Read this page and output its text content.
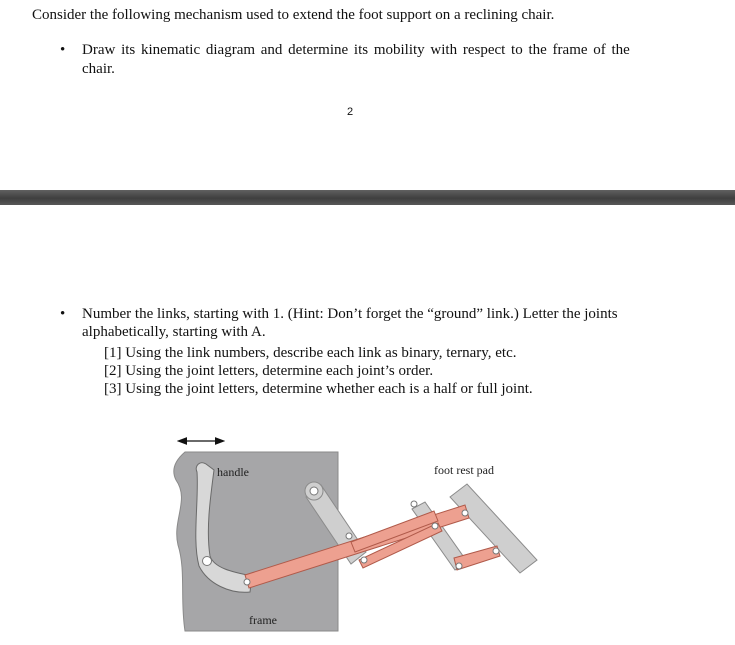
Consider the following mechanism used to extend the foot support on a reclining chair.
• Draw its kinematic diagram and determine its mobility with respect to the frame of the
chair.
2
• Number the links, starting with 1. (Hint: Don’t forget the “ground” link.) Letter the joints
alphabetically, starting with A.
[1] Using the link numbers, describe each link as binary, ternary, etc.
[2] Using the joint letters, determine each joint’s order.
[3] Using the joint letters, determine whether each is a half or full joint.
handle	foot rest pad
frame
